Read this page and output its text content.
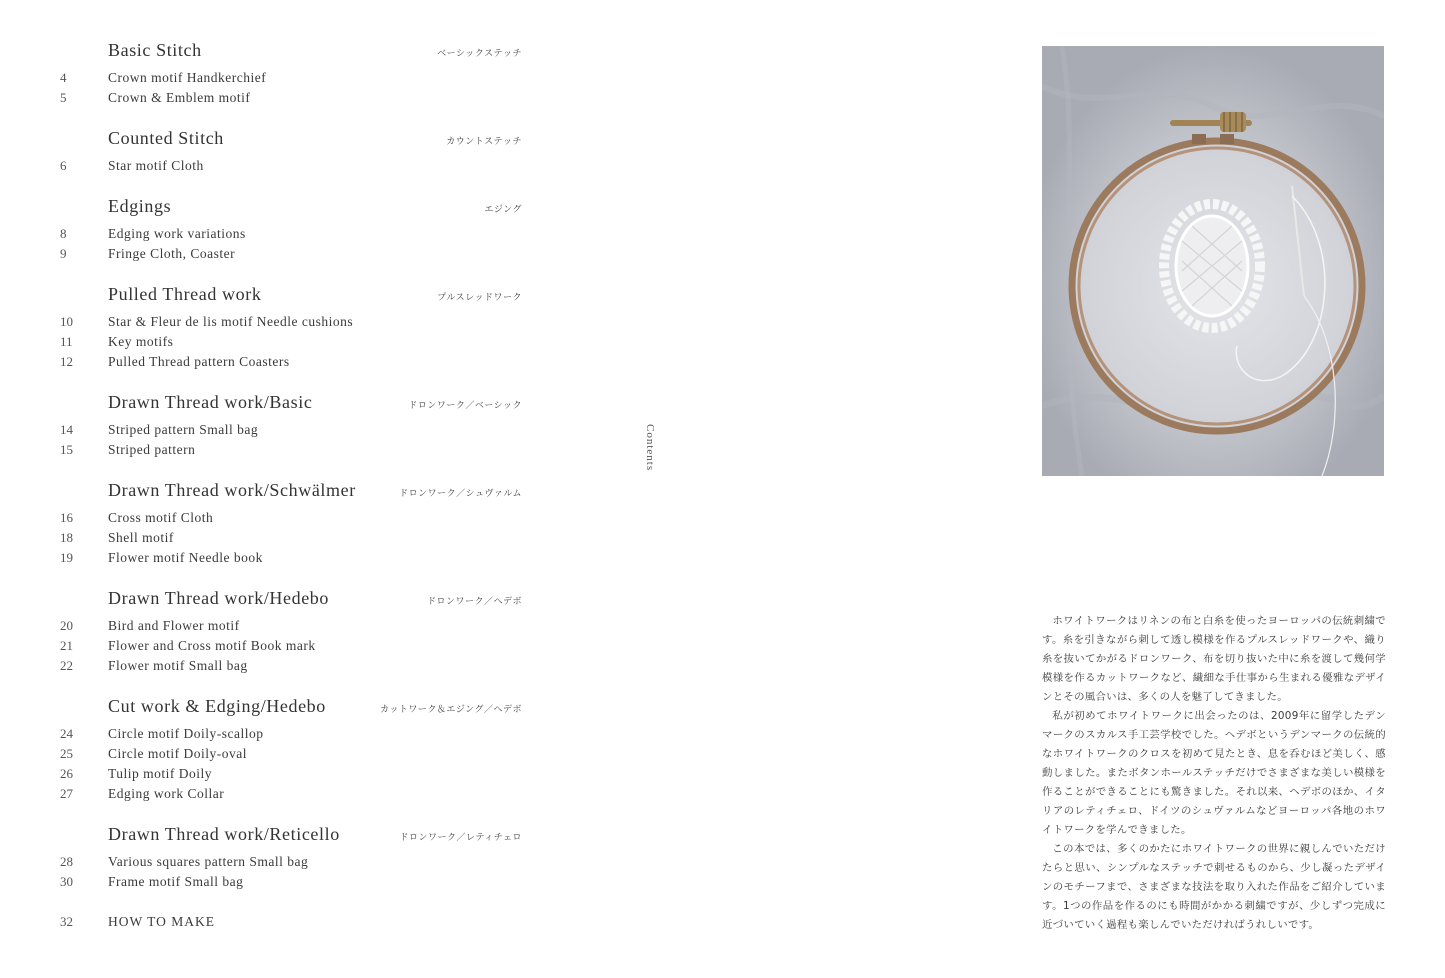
Basic Stitch	ベーシックステッチ
4	Crown motif Handkerchief
5	Crown & Emblem motif
Counted Stitch	カウントステッチ
6	Star motif Cloth
Edgings	エジング
8	Edging work variations
9	Fringe Cloth, Coaster
Pulled Thread work	プルスレッドワーク
10	Star & Fleur de lis motif Needle cushions
11	Key motifs
12	Pulled Thread pattern Coasters
Drawn Thread work/Basic	ドロンワーク／ベーシック
14	Striped pattern Small bag
15	Striped pattern
Drawn Thread work/Schwälmer	ドロンワーク／シュヴァルム
16	Cross motif Cloth
18	Shell motif
19	Flower motif Needle book
Drawn Thread work/Hedebo	ドロンワーク／ヘデボ
20	Bird and Flower motif
21	Flower and Cross motif Book mark
22	Flower motif Small bag
Cut work & Edging/Hedebo	カットワーク＆エジング／ヘデボ
24	Circle motif Doily-scallop
25	Circle motif Doily-oval
26	Tulip motif Doily
27	Edging work Collar
Drawn Thread work/Reticello	ドロンワーク／レティチェロ
28	Various squares pattern Small bag
30	Frame motif Small bag
32	HOW TO MAKE
Contents

ホワイトワークはリネンの布と白糸を使ったヨーロッパの伝統刺繍です。糸を引きながら刺して透し模様を作るプルスレッドワークや、織り糸を抜いてかがるドロンワーク、布を切り抜いた中に糸を渡して幾何学模様を作るカットワークなど、繊細な手仕事から生まれる優雅なデザインとその風合いは、多くの人を魅了してきました。

私が初めてホワイトワークに出会ったのは、2009年に留学したデンマークのスカルス手工芸学校でした。ヘデボというデンマークの伝統的なホワイトワークのクロスを初めて見たとき、息を呑むほど美しく、感動しました。またボタンホールステッチだけでさまざまな美しい模様を作ることができることにも驚きました。それ以来、ヘデボのほか、イタリアのレティチェロ、ドイツのシュヴァルムなどヨーロッパ各地のホワイトワークを学んできました。

この本では、多くのかたにホワイトワークの世界に親しんでいただけたらと思い、シンプルなステッチで刺せるものから、少し凝ったデザインのモチーフまで、さまざまな技法を取り入れた作品をご紹介しています。1つの作品を作るのにも時間がかかる刺繍ですが、少しずつ完成に近づいていく過程も楽しんでいただければうれしいです。
